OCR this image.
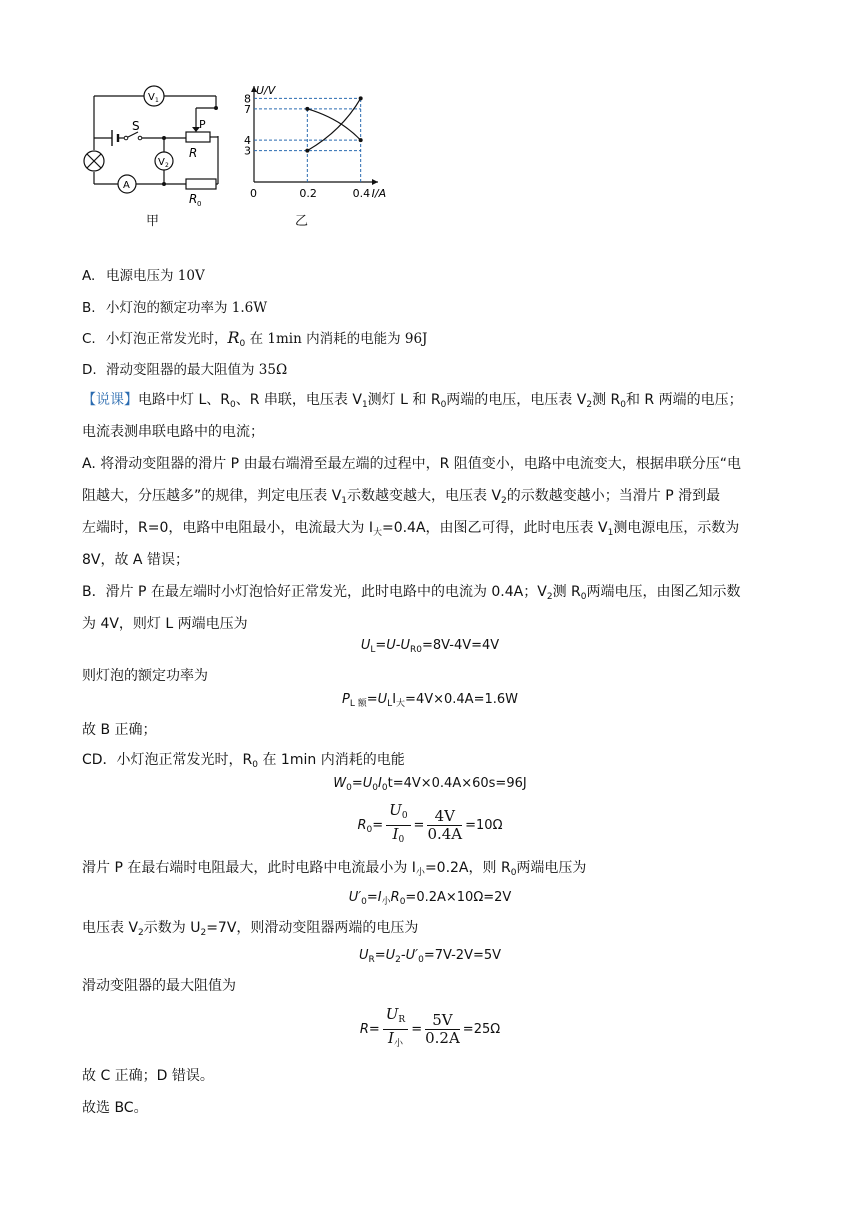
V 1
V 2
A
S	P
R
R 0
甲
8
7
4
3
0	0.2	0.4
U/V
I/A
乙
A. 电源电压为 10V
B. 小灯泡的额定功率为 1.6W
C. 小灯泡正常发光时，$R_0$ 在 1min 内消耗的电能为 96J
D. 滑动变阻器的最大阻值为 35Ω
【说课】电路中灯 L、$R_0$、R 串联，电压表 $V_1$测灯 L 和 $R_0$两端的电压，电压表 $V_2$测 $R_0$和 R 两端的电压；
电流表测串联电路中的电流；
A. 将滑动变阻器的滑片 P 由最右端滑至最左端的过程中，R 阻值变小，电路中电流变大，根据串联分压“电
阻越大，分压越多”的规律，判定电压表 $V_1$示数越变越大，电压表 $V_2$的示数越变越小；当滑片 P 滑到最
左端时，R=0，电路中电阻最小，电流最大为 $I_大=0.4A$，由图乙可得，此时电压表 $V_1$测电源电压，示数为
8V，故 A 错误；
B．滑片 P 在最左端时小灯泡恰好正常发光，此时电路中的电流为 0.4A；$V_2$测 $R_0$两端电压，由图乙知示数
为 4V，则灯 L 两端电压为
$U_L=U-U_{R0}=8V-4V=4V$
则灯泡的额定功率为
$P_{L 额}=U_LI_大=4V\times 0.4A=1.6W$
故 B 正确；
CD．小灯泡正常发光时，$R_0$ 在 1min 内消耗的电能
$W_0=U_0I_0t=4V\times 0.4A\times 60s=96J$
$R_0= \frac{U_0}{I_0} = \frac{4V}{0.4A} =10\Omega$
滑片 P 在最右端时电阻最大，此时电路中电流最小为 $I_小=0.2A$，则 $R_0$两端电压为
$U'_0=I_小R_0=0.2A\times 10\Omega=2V$
电压表 $V_2$示数为 $U_2=7V$，则滑动变阻器两端的电压为
$U_R=U_2-U'_0=7V-2V=5V$
滑动变阻器的最大阻值为
$R= \frac{U_R}{I_小} = \frac{5V}{0.2A} =25\Omega$
故 C 正确；D 错误。
故选 BC。
